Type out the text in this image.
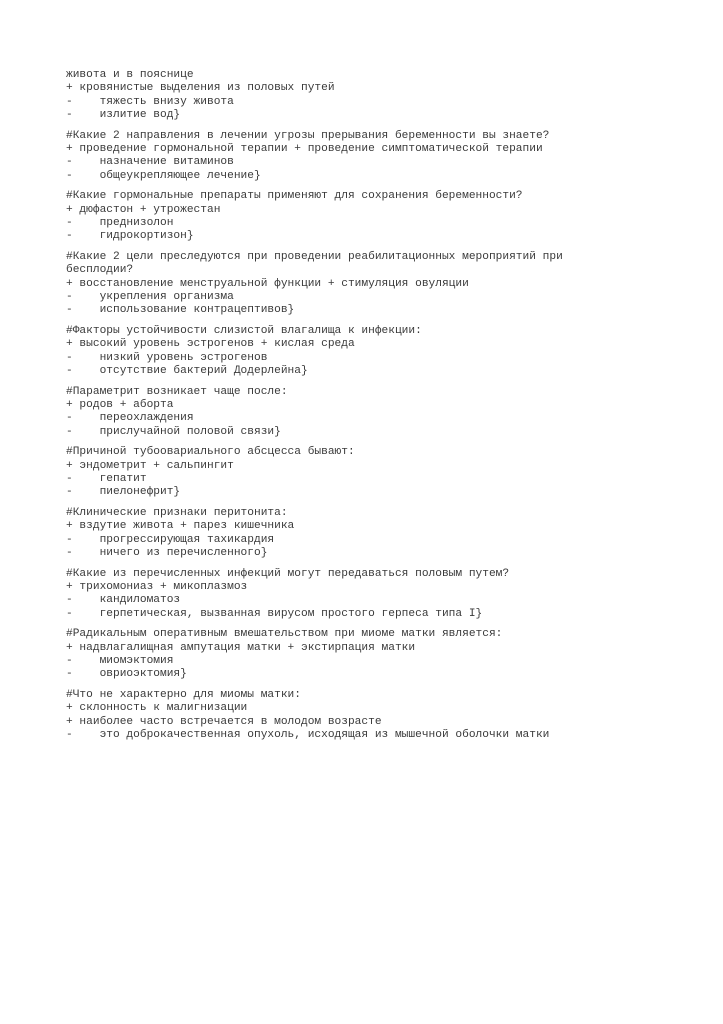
живота и в пояснице
+ кровянистые выделения из половых путей
-    тяжесть внизу живота
-    излитие вод}
#Какие 2 направления в лечении угрозы прерывания беременности вы знаете?
+ проведение гормональной терапии + проведение симптоматической терапии
-    назначение витаминов
-    общеукрепляющее лечение}
#Какие гормональные препараты применяют для сохранения беременности?
+ дюфастон + утрожестан
-    преднизолон
-    гидрокортизон}
#Какие 2 цели преследуются при проведении реабилитационных мероприятий при
бесплодии?
+ восстановление менструальной функции + стимуляция овуляции
-    укрепления организма
-    использование контрацептивов}
#Факторы устойчивости слизистой влагалища к инфекции:
+ высокий уровень эстрогенов + кислая среда
-    низкий уровень эстрогенов
-    отсутствие бактерий Додерлейна}
#Параметрит возникает чаще после:
+ родов + аборта
-    переохлаждения
-    прислучайной половой связи}
#Причиной тубоовариального абсцесса бывают:
+ эндометрит + сальпингит
-    гепатит
-    пиелонефрит}
#Клинические признаки перитонита:
+ вздутие живота + парез кишечника
-    прогрессирующая тахикардия
-    ничего из перечисленного}
#Какие из перечисленных инфекций могут передаваться половым путем?
+ трихомониаз + микоплазмоз
-    кандиломатоз
-    герпетическая, вызванная вирусом простого герпеса типа I}
#Радикальным оперативным вмешательством при миоме матки является:
+ надвлагалищная ампутация матки + экстирпация матки
-    миомэктомия
-    овриоэктомия}
#Что не характерно для миомы матки:
+ склонность к малигнизации
+ наиболее часто встречается в молодом возрасте
-    это доброкачественная опухоль, исходящая из мышечной оболочки матки
